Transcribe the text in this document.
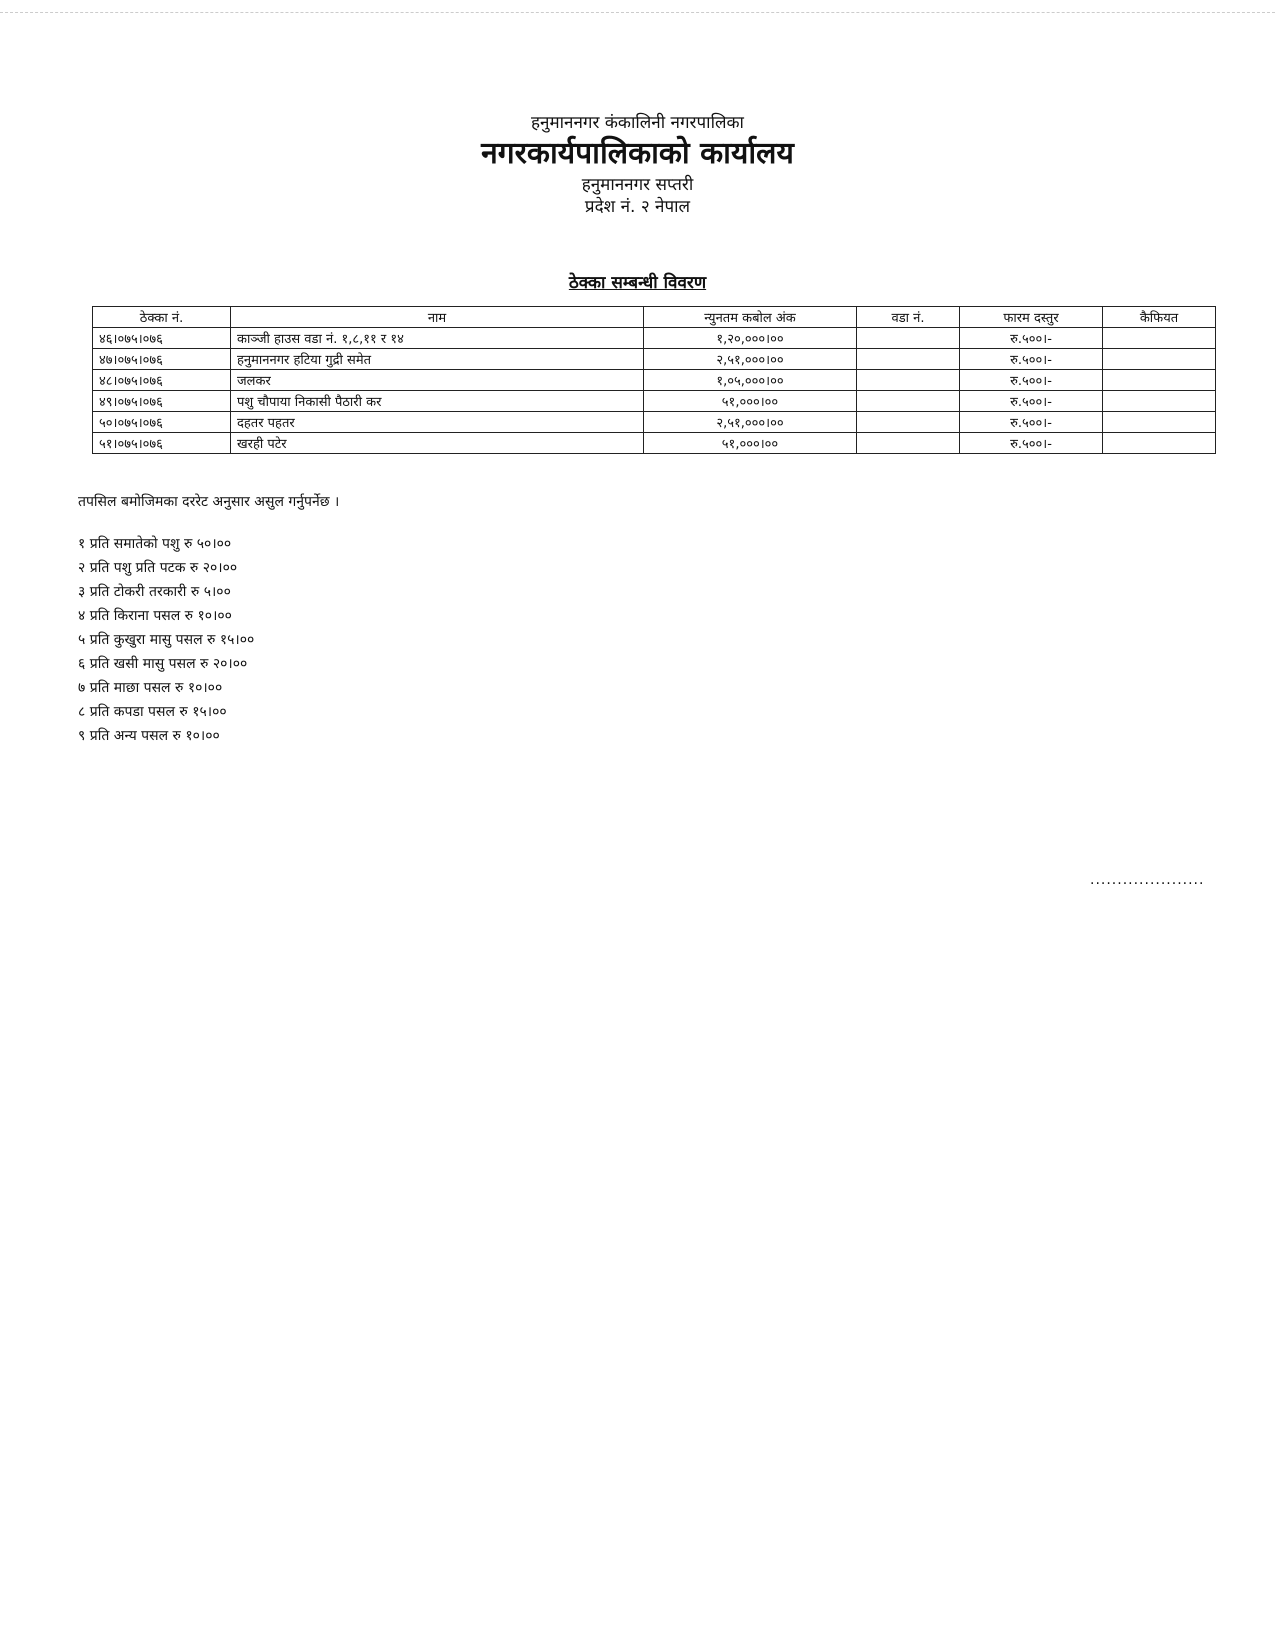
हनुमाननगर कंकालिनी नगरपालिका
नगरकार्यपालिकाको कार्यालय
हनुमाननगर सप्तरी
प्रदेश नं. २ नेपाल
ठेक्का सम्बन्धी विवरण
ठेक्का नं.	नाम	न्युनतम कबोल अंक	वडा नं.	फारम दस्तुर	कैफियत
४६।०७५।०७६	काञ्जी हाउस वडा नं. १,८,११ र १४	१,२०,०००।००		रु.५००।-	
४७।०७५।०७६	हनुमाननगर हटिया गुद्री समेत	२,५१,०००।००		रु.५००।-	
४८।०७५।०७६	जलकर	१,०५,०००।००		रु.५००।-	
४९।०७५।०७६	पशु चौपाया निकासी पैठारी कर	५१,०००।००		रु.५००।-	
५०।०७५।०७६	दहतर पहतर	२,५१,०००।००		रु.५००।-	
५१।०७५।०७६	खरही पटेर	५१,०००।००		रु.५००।-	
तपसिल बमोजिमका दररेट अनुसार असुल गर्नुपर्नेछ ।
१ प्रति समातेको पशु रु ५०।००
२ प्रति पशु प्रति पटक रु २०।००
३ प्रति टोकरी तरकारी रु ५।००
४ प्रति किराना पसल रु १०।००
५ प्रति कुखुरा मासु पसल रु १५।००
६ प्रति खसी मासु पसल रु २०।००
७ प्रति माछा पसल रु १०।००
८ प्रति कपडा पसल रु १५।००
९ प्रति अन्य पसल रु १०।००
.....................
